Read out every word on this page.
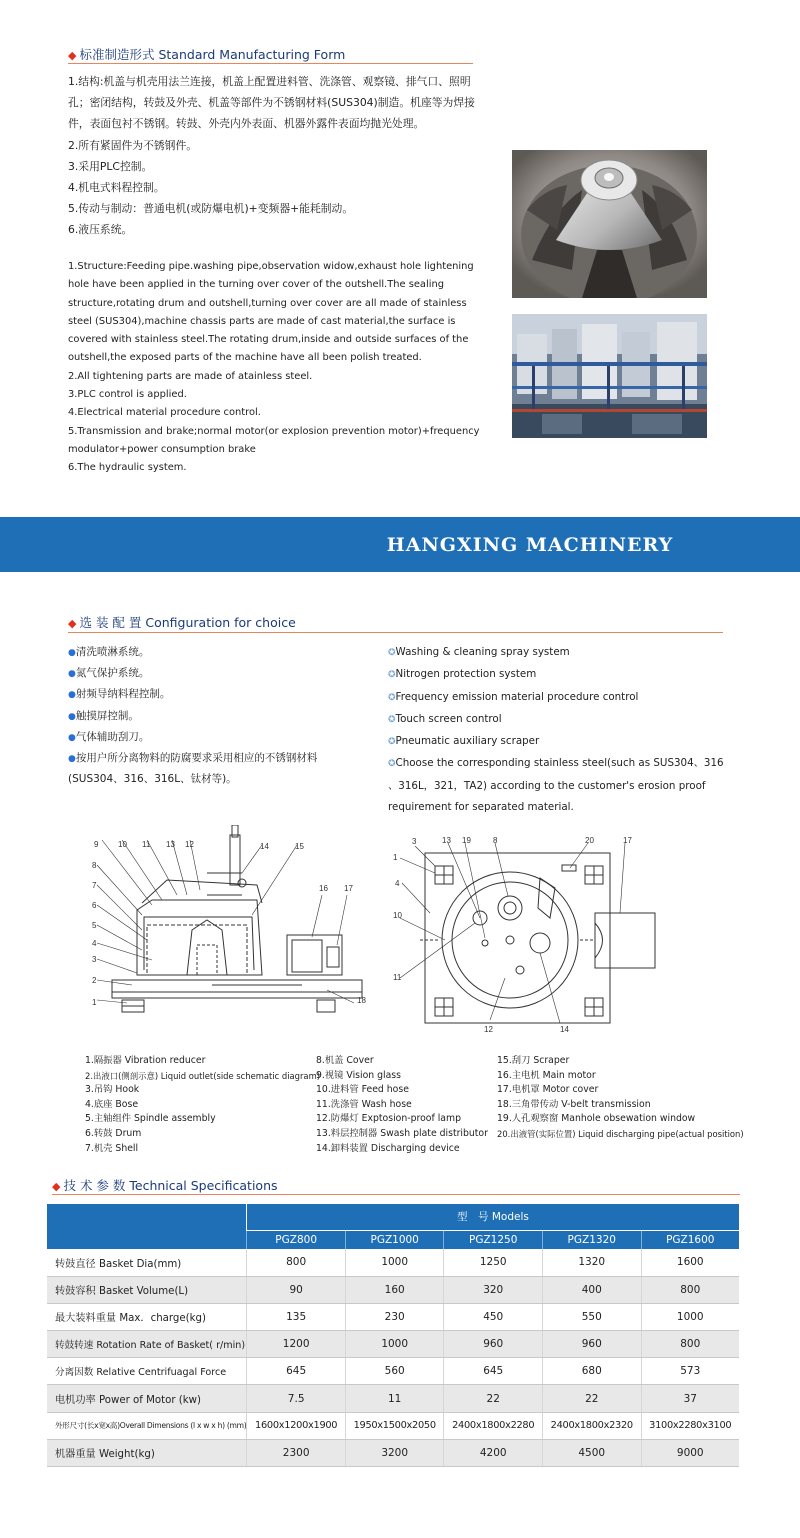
◆ 标准制造形式 Standard Manufacturing Form
1.结构:机盖与机壳用法兰连接，机盖上配置进料管、洗涤管、观察镜、排气口、照明孔；密闭结构，转鼓及外壳、机盖等部件为不锈钢材料(SUS304)制造。机座等为焊接件，表面包衬不锈钢。转鼓、外壳内外表面、机器外露件表面均抛光处理。
2.所有紧固件为不锈钢件。
3.采用PLC控制。
4.机电式料程控制。
5.传动与制动：普通电机(或防爆电机)+变频器+能耗制动。
6.液压系统。
1.Structure:Feeding pipe.washing pipe,observation widow,exhaust hole lightening hole have been applied in the turning over cover of the outshell.The sealing structure,rotating drum and outshell,turning over cover are all made of stainless steel (SUS304),machine chassis parts are made of cast material,the surface is covered with stainless steel.The rotating drum,inside and outside surfaces of the outshell,the exposed parts of the machine have all been polish treated.
2.All tightening parts are made of atainless steel.
3.PLC control is applied.
4.Electrical material procedure control.
5.Transmission and brake;normal motor(or explosion prevention motor)+frequency modulator+power consumption brake
6.The hydraulic system.
HANGXING MACHINERY
◆ 选 装 配 置 Configuration for choice
●清洗喷淋系统。
●氮气保护系统。
●射频导纳料程控制。
●触摸屏控制。
●气体辅助刮刀。
●按用户所分离物料的防腐要求采用相应的不锈钢材料(SUS304、316、316L、钛材等)。
✪Washing & cleaning spray system
✪Nitrogen protection system
✪Frequency emission material procedure control
✪Touch screen control
✪Pneumatic auxiliary scraper
✪Choose the corresponding stainless steel(such as SUS304、316 、316L，321，TA2) according to the customer's erosion proof requirement for separated material.
1
2
3
4
5
6
7
8
9 10 11	12
13	14	15
16 17
18
1
3
4
10
11
13 19	8	20	17
12	14
1.隔振器 Vibration reducer
2.出液口(侧剖示意) Liquid outlet(side schematic diagram)
3.吊钩 Hook
4.底座 Bose
5.主轴组件 Spindle assembly
6.转鼓 Drum
7.机壳 Shell
8.机盖 Cover
9.视镜 Vision glass
10.进料管 Feed hose
11.洗涤管 Wash hose
12.防爆灯 Exptosion-proof lamp
13.料层控制器 Swash plate distributor
14.卸料装置 Discharging device
15.刮刀 Scraper
16.主电机 Main motor
17.电机罩 Motor cover
18.三角带传动 V-belt transmission
19.人孔观察窗 Manhole obsewation window
20.出液管(实际位置) Liquid discharging pipe(actual position)
◆ 技 术 参 数 Technical Specifications
	型　号 Models				
	PGZ800	PGZ1000	PGZ1250	PGZ1320	PGZ1600
转鼓直径 Basket Dia(mm)	800	1000	1250	1320	1600
转鼓容积 Basket Volume(L)	90	160	320	400	800
最大装料重量 Max．charge(kg)	135	230	450	550	1000
转鼓转速 Rotation Rate of Basket( r/min)	1200	1000	960	960	800
分离因数 Relative Centrifuagal Force	645	560	645	680	573
电机功率 Power of Motor (kw)	7.5	11	22	22	37
外形尺寸(长x宽x高)Overall Dimensions (l x w x h) (mm)	1600x1200x1900	1950x1500x2050	2400x1800x2280	2400x1800x2320	3100x2280x3100
机器重量 Weight(kg)	2300	3200	4200	4500	9000
